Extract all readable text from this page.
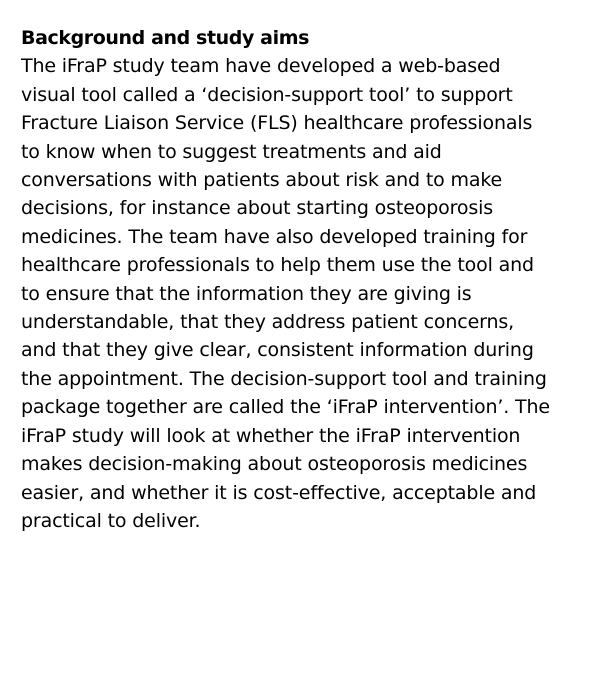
Background and study aims
The iFraP study team have developed a web-based
visual tool called a ‘decision-support tool’ to support
Fracture Liaison Service (FLS) healthcare professionals
to know when to suggest treatments and aid
conversations with patients about risk and to make
decisions, for instance about starting osteoporosis
medicines. The team have also developed training for
healthcare professionals to help them use the tool and
to ensure that the information they are giving is
understandable, that they address patient concerns,
and that they give clear, consistent information during
the appointment. The decision-support tool and training
package together are called the ‘iFraP intervention’. The
iFraP study will look at whether the iFraP intervention
makes decision-making about osteoporosis medicines
easier, and whether it is cost-effective, acceptable and
practical to deliver.
